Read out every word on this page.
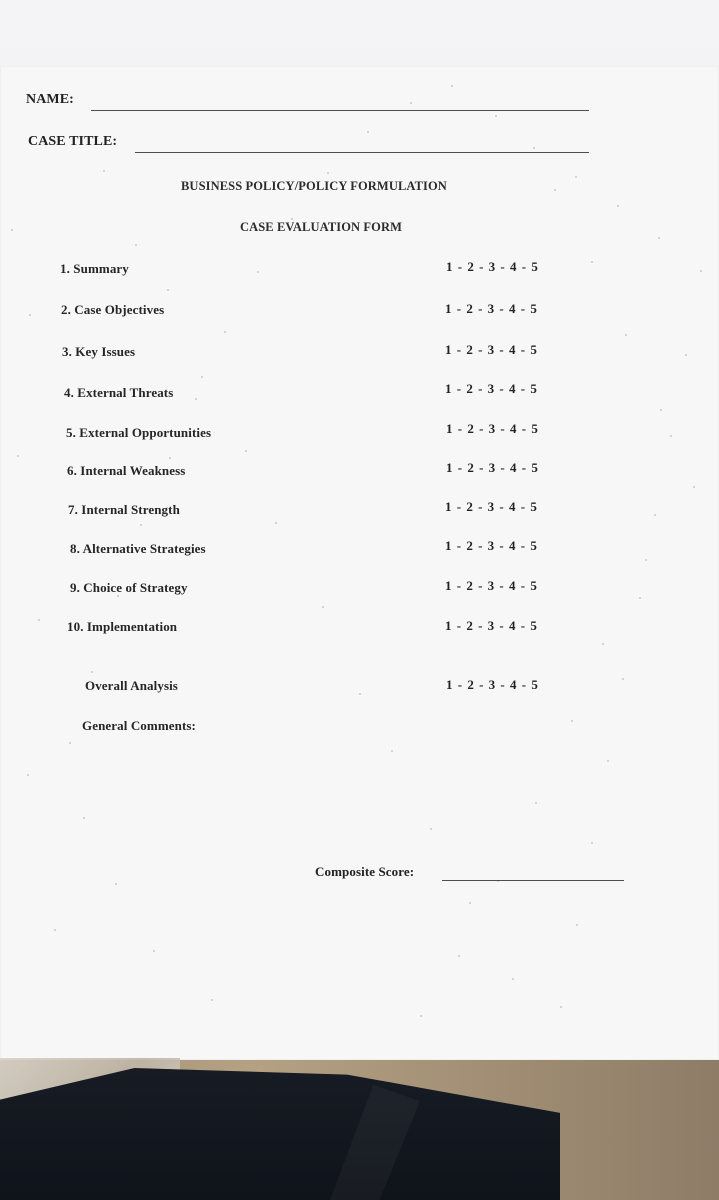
NAME:
CASE TITLE:
BUSINESS POLICY/POLICY FORMULATION
CASE EVALUATION FORM
1. Summary	1 - 2 - 3 - 4 - 5
2. Case Objectives	1 - 2 - 3 - 4 - 5
3. Key Issues	1 - 2 - 3 - 4 - 5
4. External Threats	1 - 2 - 3 - 4 - 5
5. External Opportunities	1 - 2 - 3 - 4 - 5
6. Internal Weakness	1 - 2 - 3 - 4 - 5
7. Internal Strength	1 - 2 - 3 - 4 - 5
8. Alternative Strategies	1 - 2 - 3 - 4 - 5
9. Choice of Strategy	1 - 2 - 3 - 4 - 5
10. Implementation	1 - 2 - 3 - 4 - 5
Overall Analysis	1 - 2 - 3 - 4 - 5
General Comments:
Composite Score:
